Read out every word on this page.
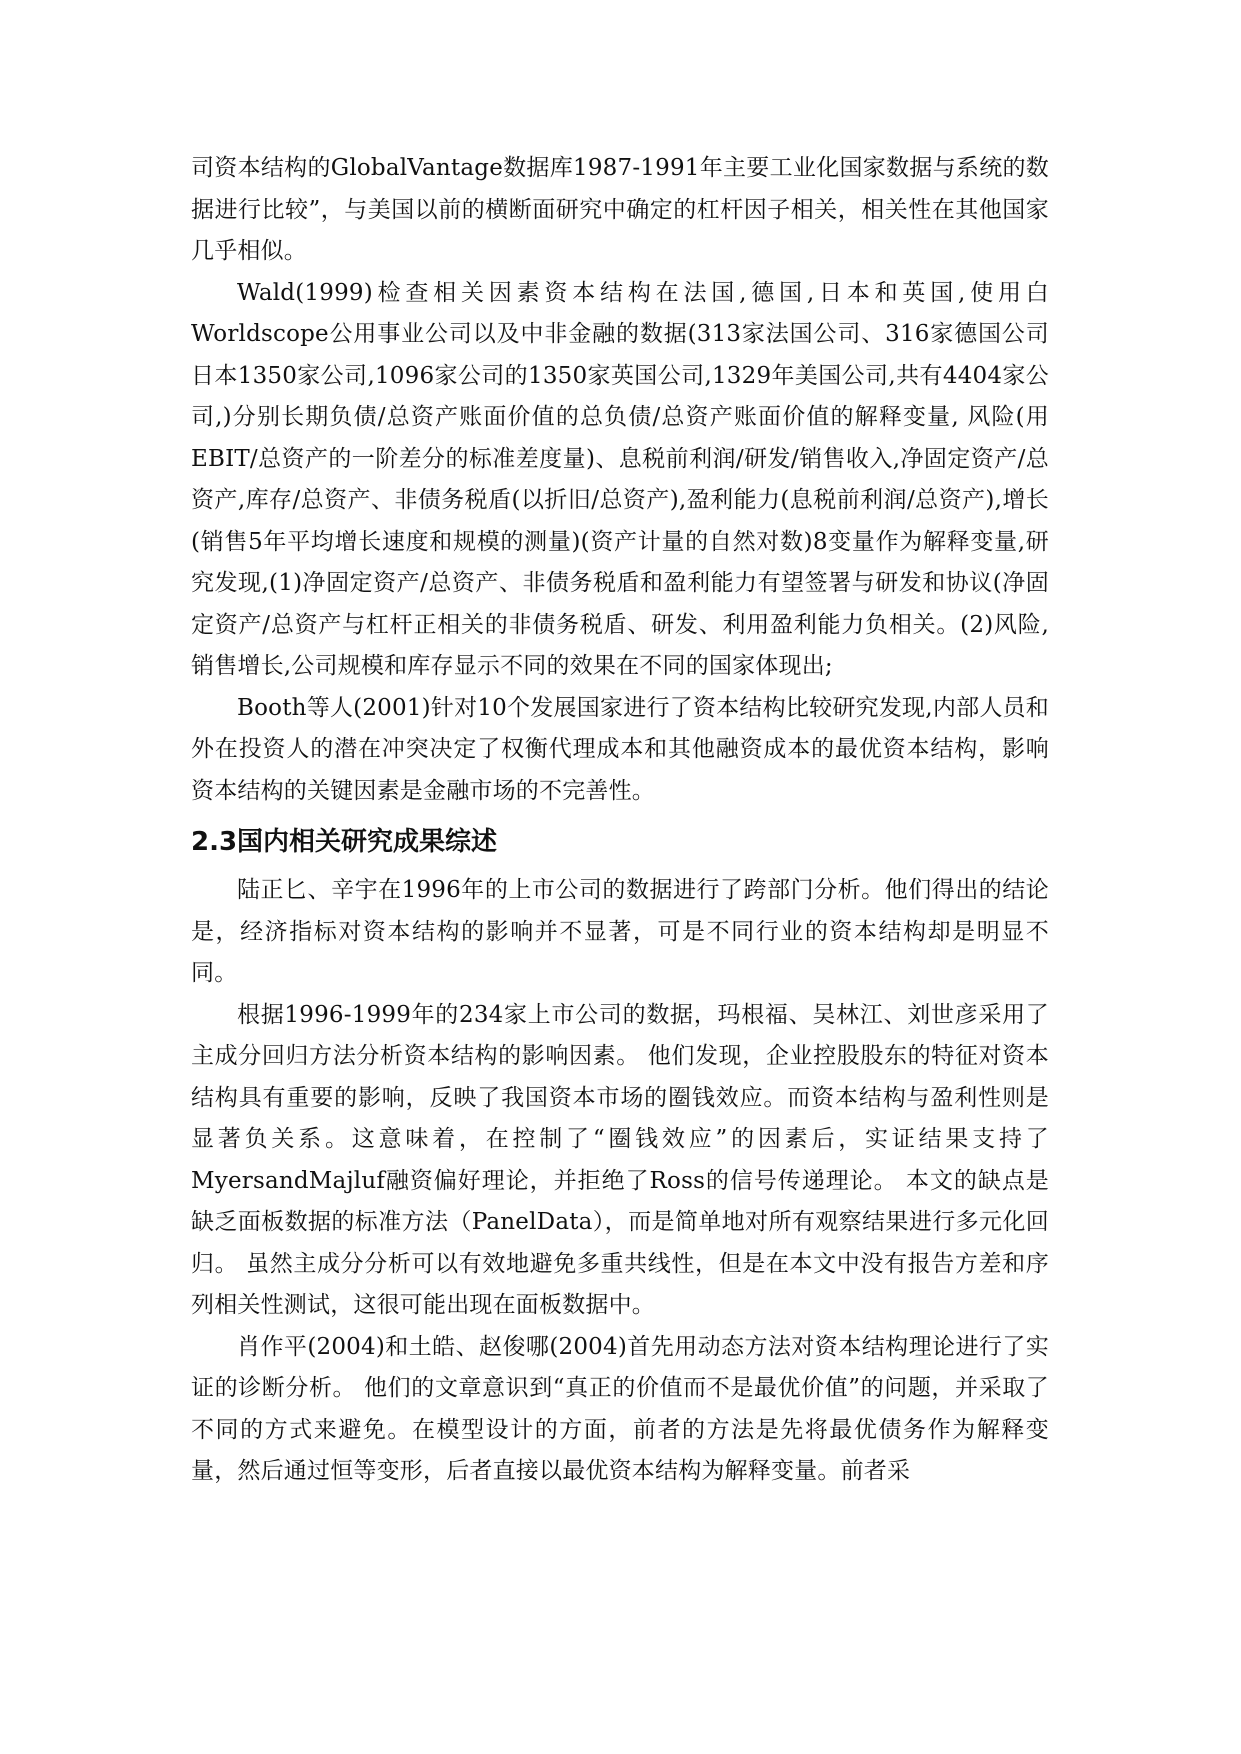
司资本结构的GlobalVantage数据库1987-1991年主要工业化国家数据与系统的数据进行比较”，与美国以前的横断面研究中确定的杠杆因子相关，相关性在其他国家几乎相似。

Wald(1999)检查相关因素资本结构在法国,德国,日本和英国,使用白Worldscope公用事业公司以及中非金融的数据(313家法国公司、316家德国公司日本1350家公司,1096家公司的1350家英国公司,1329年美国公司,共有4404家公司,)分别长期负债/总资产账面价值的总负债/总资产账面价值的解释变量, 风险(用EBIT/总资产的一阶差分的标准差度量)、息税前利润/研发/销售收入,净固定资产/总资产,库存/总资产、非债务税盾(以折旧/总资产),盈利能力(息税前利润/总资产),增长(销售5年平均增长速度和规模的测量)(资产计量的自然对数)8变量作为解释变量,研究发现,(1)净固定资产/总资产、非债务税盾和盈利能力有望签署与研发和协议(净固定资产/总资产与杠杆正相关的非债务税盾、研发、利用盈利能力负相关。(2)风险,销售增长,公司规模和库存显示不同的效果在不同的国家体现出;

Booth等人(2001)针对10个发展国家进行了资本结构比较研究发现,内部人员和外在投资人的潜在冲突决定了权衡代理成本和其他融资成本的最优资本结构，影响资本结构的关键因素是金融市场的不完善性。

2.3国内相关研究成果综述

陆正匕、辛宇在1996年的上市公司的数据进行了跨部门分析。他们得出的结论是，经济指标对资本结构的影响并不显著，可是不同行业的资本结构却是明显不同。

根据1996-1999年的234家上市公司的数据，玛根福、吴林江、刘世彦采用了主成分回归方法分析资本结构的影响因素。 他们发现，企业控股股东的特征对资本结构具有重要的影响，反映了我国资本市场的圈钱效应。而资本结构与盈利性则是显著负关系。这意味着，在控制了“圈钱效应”的因素后，实证结果支持了MyersandMajluf融资偏好理论，并拒绝了Ross的信号传递理论。 本文的缺点是缺乏面板数据的标准方法（PanelData），而是简单地对所有观察结果进行多元化回归。 虽然主成分分析可以有效地避免多重共线性，但是在本文中没有报告方差和序列相关性测试，这很可能出现在面板数据中。

肖作平(2004)和土皓、赵俊哪(2004)首先用动态方法对资本结构理论进行了实证的诊断分析。 他们的文章意识到“真正的价值而不是最优价值”的问题，并采取了不同的方式来避免。在模型设计的方面，前者的方法是先将最优债务作为解释变量，然后通过恒等变形，后者直接以最优资本结构为解释变量。前者采
